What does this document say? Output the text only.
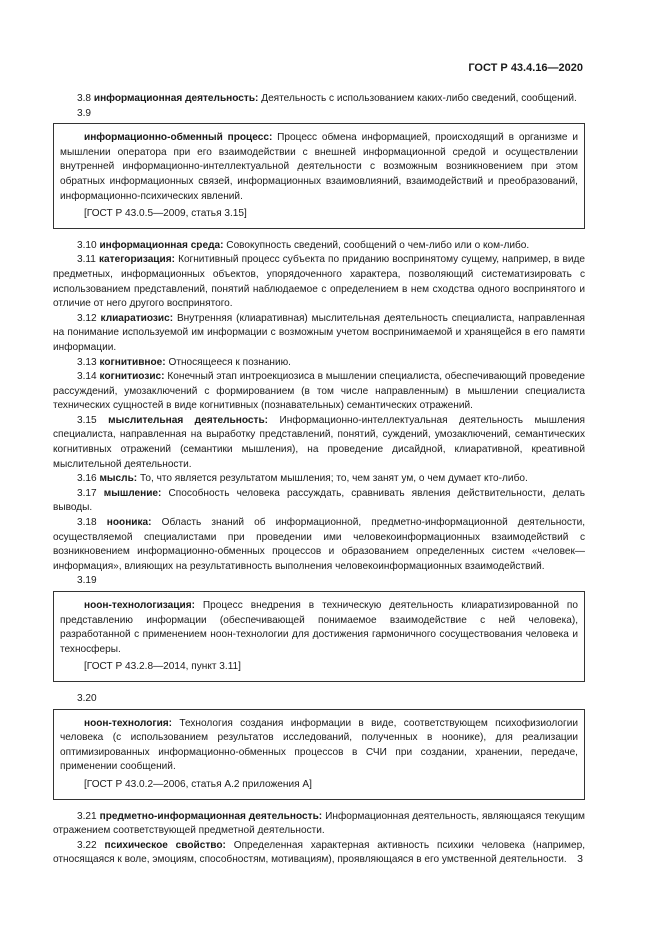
ГОСТ Р 43.4.16—2020

3.8 информационная деятельность: Деятельность с использованием каких-либо сведений, сообщений.

3.9

информационно-обменный процесс: Процесс обмена информацией, происходящий в организме и мышлении оператора при его взаимодействии с внешней информационной средой и осуществлении внутренней информационно-интеллектуальной деятельности с возможным возникновением при этом обратных информационных связей, информационных взаимовлияний, взаимодействий и преобразований, информационно-психических явлений.

[ГОСТ Р 43.0.5—2009, статья 3.15]

3.10 информационная среда: Совокупность сведений, сообщений о чем-либо или о ком-либо.

3.11 категоризация: Когнитивный процесс субъекта по приданию воспринятому сущему, например, в виде предметных, информационных объектов, упорядоченного характера, позволяющий систематизировать с использованием представлений, понятий наблюдаемое с определением в нем сходства одного воспринятого и отличие от него другого воспринятого.

3.12 клиаратиозис: Внутренняя (клиаративная) мыслительная деятельность специалиста, направленная на понимание используемой им информации с возможным учетом воспринимаемой и хранящейся в его памяти информации.

3.13 когнитивное: Относящееся к познанию.

3.14 когнитиозис: Конечный этап интроекциозиса в мышлении специалиста, обеспечивающий проведение рассуждений, умозаключений с формированием (в том числе направленным) в мышлении специалиста технических сущностей в виде когнитивных (познавательных) семантических отражений.

3.15 мыслительная деятельность: Информационно-интеллектуальная деятельность мышления специалиста, направленная на выработку представлений, понятий, суждений, умозаключений, семантических когнитивных отражений (семантики мышления), на проведение дисайдной, клиаративной, креативной мыслительной деятельности.

3.16 мысль: То, что является результатом мышления; то, чем занят ум, о чем думает кто-либо.

3.17 мышление: Способность человека рассуждать, сравнивать явления действительности, делать выводы.

3.18 нооника: Область знаний об информационной, предметно-информационной деятельности, осуществляемой специалистами при проведении ими человекоинформационных взаимодействий с возникновением информационно-обменных процессов и образованием определенных систем «человек—информация», влияющих на результативность выполнения человекоинформационных взаимодействий.

3.19

ноон-технологизация: Процесс внедрения в техническую деятельность клиаратизированной по представлению информации (обеспечивающей понимаемое взаимодействие с ней человека), разработанной с применением ноон-технологии для достижения гармоничного сосуществования человека и техносферы.

[ГОСТ Р 43.2.8—2014, пункт 3.11]
3.20

ноон-технология: Технология создания информации в виде, соответствующем психофизиологии человека (с использованием результатов исследований, полученных в ноонике), для реализации оптимизированных информационно-обменных процессов в СЧИ при создании, хранении, передаче, применении сообщений.

[ГОСТ Р 43.0.2—2006, статья А.2 приложения А]

3.21 предметно-информационная деятельность: Информационная деятельность, являющаяся текущим отражением соответствующей предметной деятельности.

3.22 психическое свойство: Определенная характерная активность психики человека (например, относящаяся к воле, эмоциям, способностям, мотивациям), проявляющаяся в его умственной деятельности. 3
